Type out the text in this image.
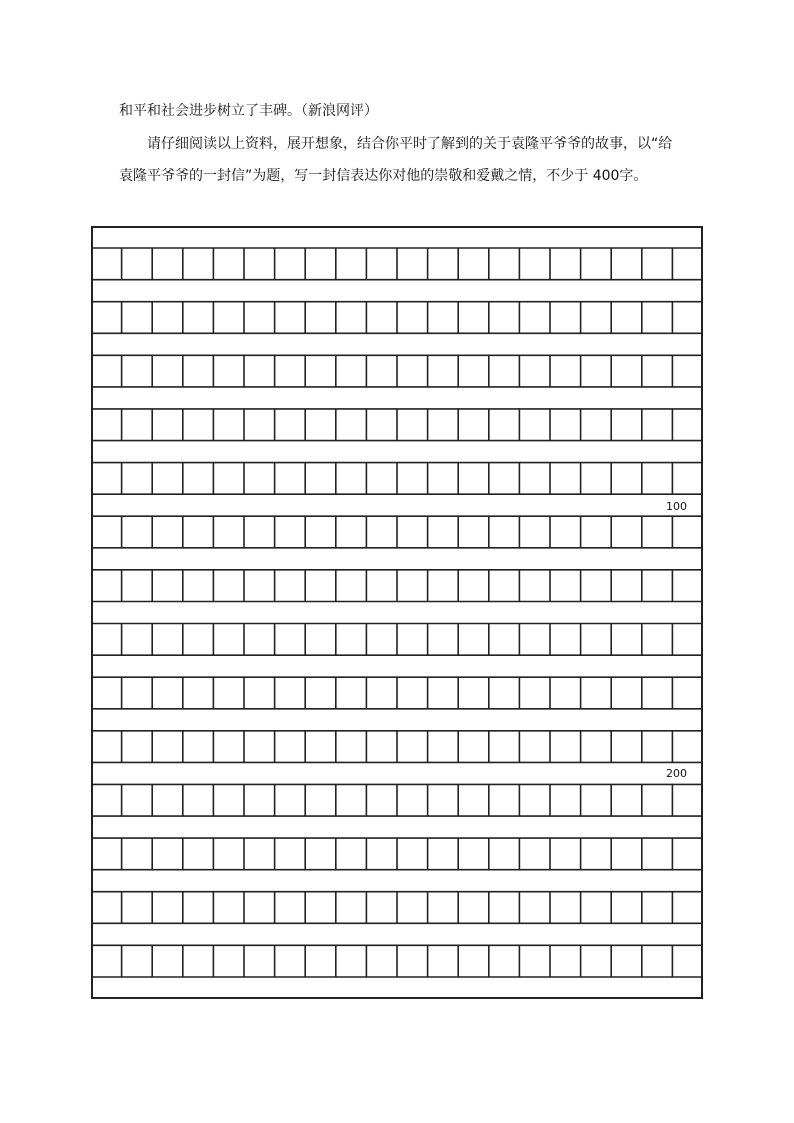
和平和社会进步树立了丰碑。（新浪网评）
请仔细阅读以上资料，展开想象，结合你平时了解到的关于袁隆平爷爷的故事，以“给
袁隆平爷爷的一封信”为题，写一封信表达你对他的崇敬和爱戴之情，不少于 400字。
100
200
